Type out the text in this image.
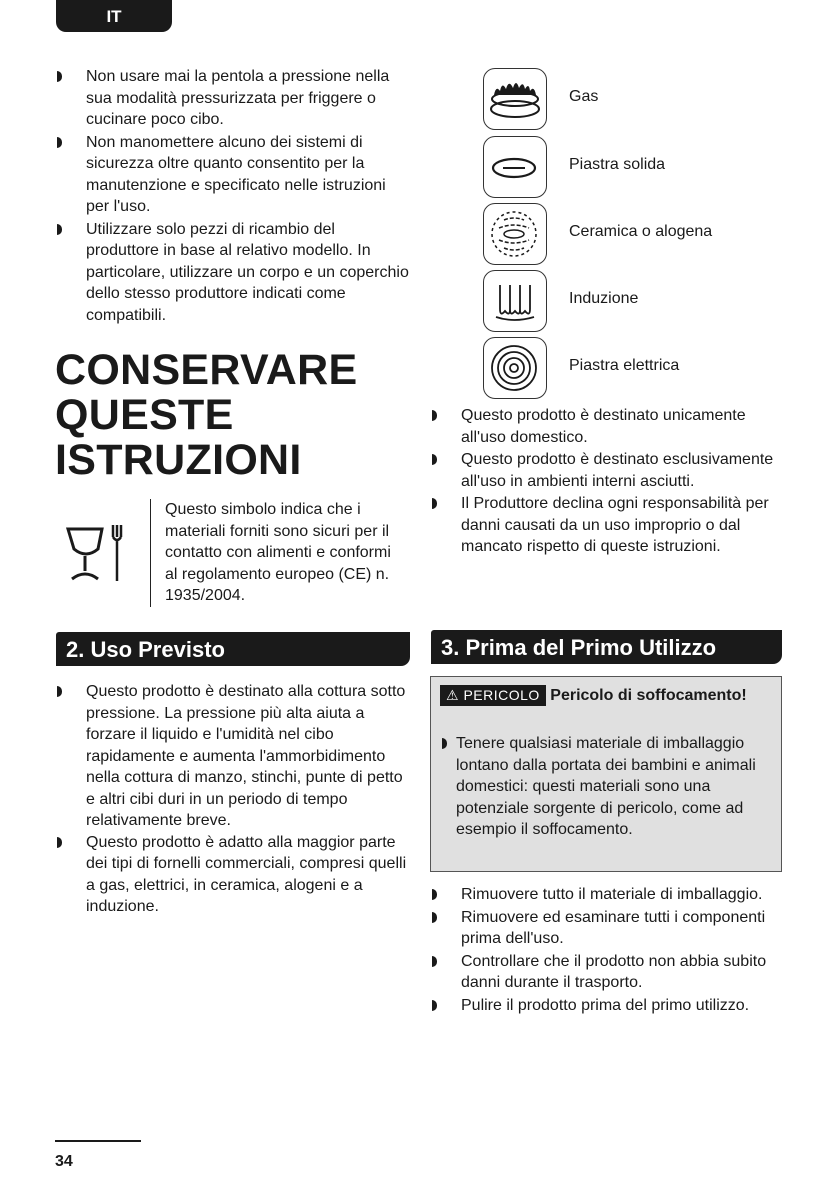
IT
Non usare mai la pentola a pressione nella sua modalità pressurizzata per friggere o cucinare poco cibo.
Non manomettere alcuno dei sistemi di sicurezza oltre quanto consentito per la manutenzione e specificato nelle istruzioni per l'uso.
Utilizzare solo pezzi di ricambio del produttore in base al relativo modello. In particolare, utilizzare un corpo e un coperchio dello stesso produttore indicati come compatibili.
CONSERVARE
QUESTE
ISTRUZIONI
Questo simbolo indica che i materiali forniti sono sicuri per il contatto con alimenti e conformi al regolamento europeo (CE) n. 1935/2004.
2. Uso Previsto
Questo prodotto è destinato alla cottura sotto pressione. La pressione più alta aiuta a forzare il liquido e l'umidità nel cibo rapidamente e aumenta l'ammorbidimento nella cottura di manzo, stinchi, punte di petto e altri cibi duri in un periodo di tempo relativamente breve.
Questo prodotto è adatto alla maggior parte dei tipi di fornelli commerciali, compresi quelli a gas, elettrici, in ceramica, alogeni e a induzione.
Gas
Piastra solida
Ceramica o alogena
Induzione
Piastra elettrica
Questo prodotto è destinato unicamente all'uso domestico.
Questo prodotto è destinato esclusivamente all'uso in ambienti interni asciutti.
Il Produttore declina ogni responsabilità per danni causati da un uso improprio o dal mancato rispetto di queste istruzioni.
3. Prima del Primo Utilizzo
⚠ PERICOLO Pericolo di soffocamento!
Tenere qualsiasi materiale di imballaggio lontano dalla portata dei bambini e animali domestici: questi materiali sono una potenziale sorgente di pericolo, come ad esempio il soffocamento.
Rimuovere tutto il materiale di imballaggio.
Rimuovere ed esaminare tutti i componenti prima dell'uso.
Controllare che il prodotto non abbia subito danni durante il trasporto.
Pulire il prodotto prima del primo utilizzo.
34
